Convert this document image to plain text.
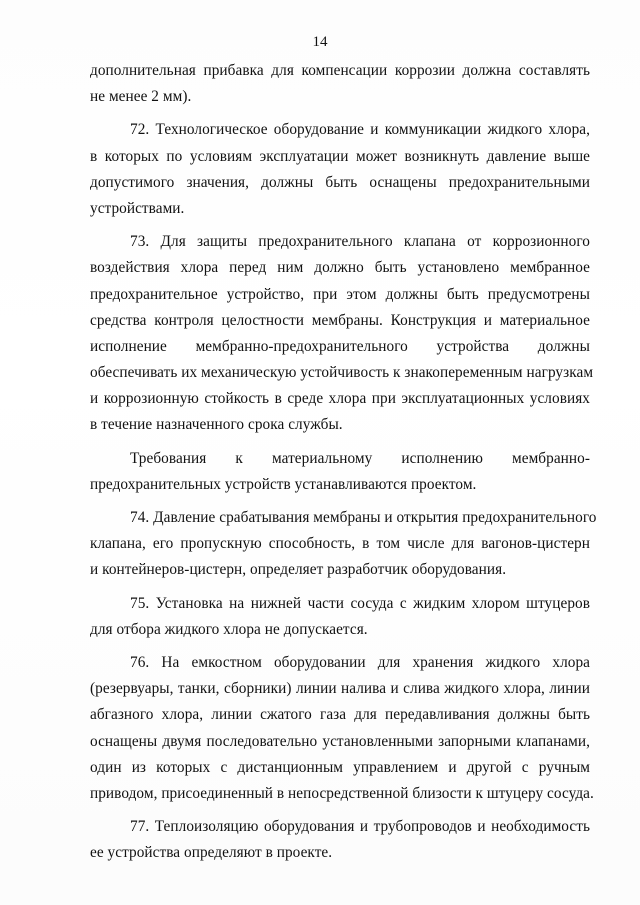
14
дополнительная прибавка для компенсации коррозии должна составлять
не менее 2 мм).
72. Технологическое оборудование и коммуникации жидкого хлора,
в которых по условиям эксплуатации может возникнуть давление выше
допустимого значения, должны быть оснащены предохранительными
устройствами.
73. Для защиты предохранительного клапана от коррозионного
воздействия хлора перед ним должно быть установлено мембранное
предохранительное устройство, при этом должны быть предусмотрены
средства контроля целостности мембраны. Конструкция и материальное
исполнение мембранно-предохранительного устройства должны
обеспечивать их механическую устойчивость к знакопеременным нагрузкам
и коррозионную стойкость в среде хлора при эксплуатационных условиях
в течение назначенного срока службы.
Требования к материальному исполнению мембранно-
предохранительных устройств устанавливаются проектом.
74. Давление срабатывания мембраны и открытия предохранительного
клапана, его пропускную способность, в том числе для вагонов-цистерн
и контейнеров-цистерн, определяет разработчик оборудования.
75. Установка на нижней части сосуда с жидким хлором штуцеров
для отбора жидкого хлора не допускается.
76. На емкостном оборудовании для хранения жидкого хлора
(резервуары, танки, сборники) линии налива и слива жидкого хлора, линии
абгазного хлора, линии сжатого газа для передавливания должны быть
оснащены двумя последовательно установленными запорными клапанами,
один из которых с дистанционным управлением и другой с ручным
приводом, присоединенный в непосредственной близости к штуцеру сосуда.
77. Теплоизоляцию оборудования и трубопроводов и необходимость
ее устройства определяют в проекте.
